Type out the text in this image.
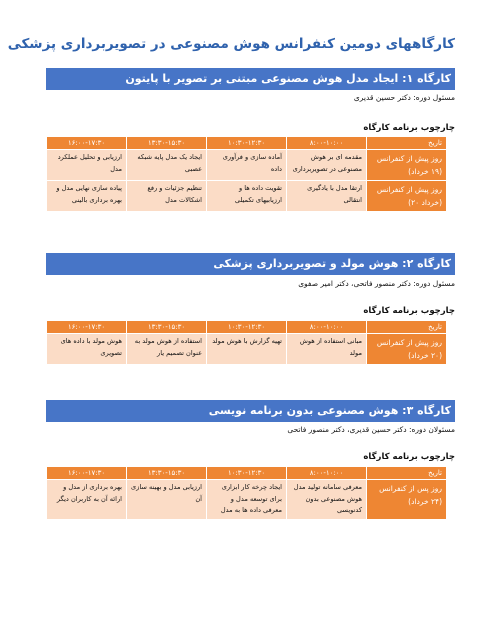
کارگاههای دومین کنفرانس هوش مصنوعی در تصویربرداری پزشکی
کارگاه ۱: ایجاد مدل هوش مصنوعی مبتنی بر تصویر با پایتون
مسئول دوره: دکتر حسین قدیری
چارچوب برنامه کارگاه
تاریخ	۸:۰۰-۱۰:۰۰	۱۰:۳۰-۱۲:۳۰	۱۳:۳۰-۱۵:۳۰	۱۶:۰۰-۱۷:۳۰
روز پیش از کنفرانس (۱۹ خرداد)	مقدمه ای بر هوش مصنوعی در تصویربرداری	آماده سازی و فرآوری داده	ایجاد یک مدل پایه شبکه عصبی	ارزیابی و تحلیل عملکرد مدل
روز پیش از کنفرانس (خرداد ۲۰)	ارتقا مدل با یادگیری انتقالی	تقویت داده ها و ارزیابیهای تکمیلی	تنظیم جزئیات و رفع اشکالات مدل	پیاده سازی نهایی مدل و بهره برداری بالینی
کارگاه ۲: هوش مولد و تصویربرداری پزشکی
مسئول دوره: دکتر منصور فاتحی، دکتر امیر صفوی
چارچوب برنامه کارگاه
تاریخ	۸:۰۰-۱۰:۰۰	۱۰:۳۰-۱۲:۳۰	۱۳:۳۰-۱۵:۳۰	۱۶:۰۰-۱۷:۳۰
روز پیش از کنفرانس (۲۰ خرداد)	مبانی استفاده از هوش مولد	تهیه گزارش با هوش مولد	استفاده از هوش مولد به عنوان تصمیم یار	هوش مولد با داده های تصویری
کارگاه ۳: هوش مصنوعی بدون برنامه نویسی
مسئولان دوره: دکتر حسین قدیری، دکتر منصور فاتحی
چارچوب برنامه کارگاه
تاریخ	۸:۰۰-۱۰:۰۰	۱۰:۳۰-۱۲:۳۰	۱۳:۳۰-۱۵:۳۰	۱۶:۰۰-۱۷:۳۰
روز پس از کنفرانس (۲۴ خرداد)	معرفی سامانه تولید مدل هوش مصنوعی بدون کدنویسی	ایجاد چرخه کار ابزاری برای توسعه مدل و معرفی داده ها به مدل	ارزیابی مدل و بهینه سازی آن	بهره برداری از مدل و ارائه آن به کاربران دیگر
